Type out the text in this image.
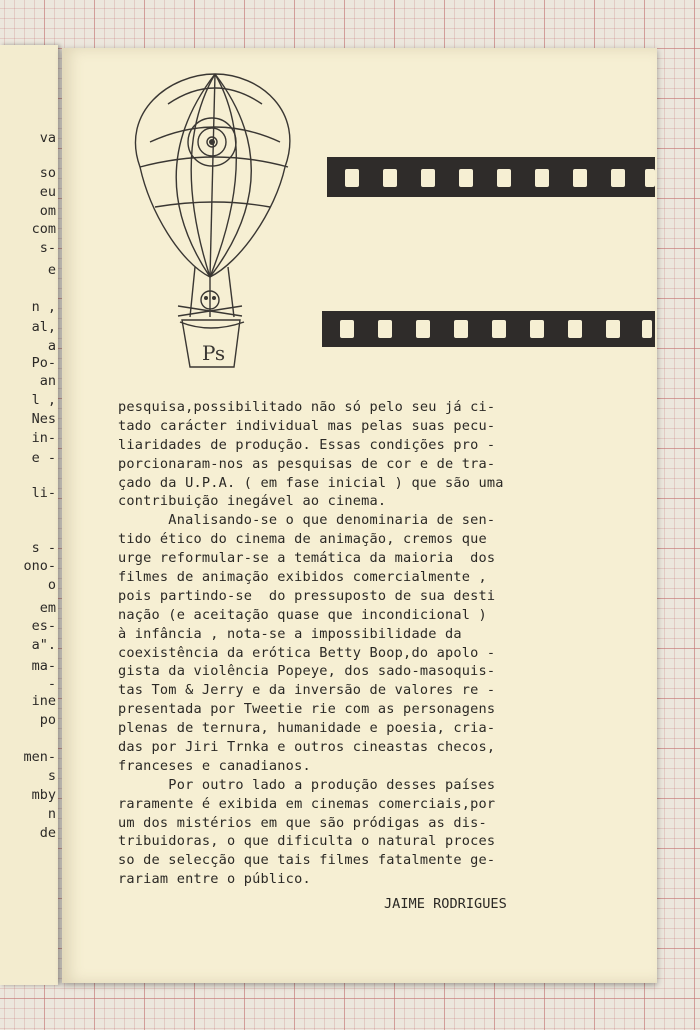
va
so
eu
om
com
s-
e
n ,
al,
a
Po-
an
l ,
Nes
in-
e -
li-
s -
ono-
o
em
es-
a".
ma-
-
ine
po
men-
s
mby
n
de
Ps
pesquisa,possibilitado não só pelo seu já ci-
tado carácter individual mas pelas suas pecu-
liaridades de produção. Essas condições pro -
porcionaram-nos as pesquisas de cor e de tra-
çado da U.P.A. ( em fase inicial ) que são uma
contribuição inegável ao cinema.
Analisando-se o que denominaria de sen-
tido ético do cinema de animação, cremos que
urge reformular-se a temática da maioria  dos
filmes de animação exibidos comercialmente ,
pois partindo-se  do pressuposto de sua desti
nação (e aceitação quase que incondicional )
à infância , nota-se a impossibilidade da
coexistência da erótica Betty Boop,do apolo -
gista da violência Popeye, dos sado-masoquis-
tas Tom & Jerry e da inversão de valores re -
presentada por Tweetie rie com as personagens
plenas de ternura, humanidade e poesia, cria-
das por Jiri Trnka e outros cineastas checos,
franceses e canadianos.
Por outro lado a produção desses países
raramente é exibida em cinemas comerciais,por
um dos mistérios em que são pródigas as dis-
tribuidoras, o que dificulta o natural proces
so de selecção que tais filmes fatalmente ge-
rariam entre o público.
JAIME RODRIGUES
